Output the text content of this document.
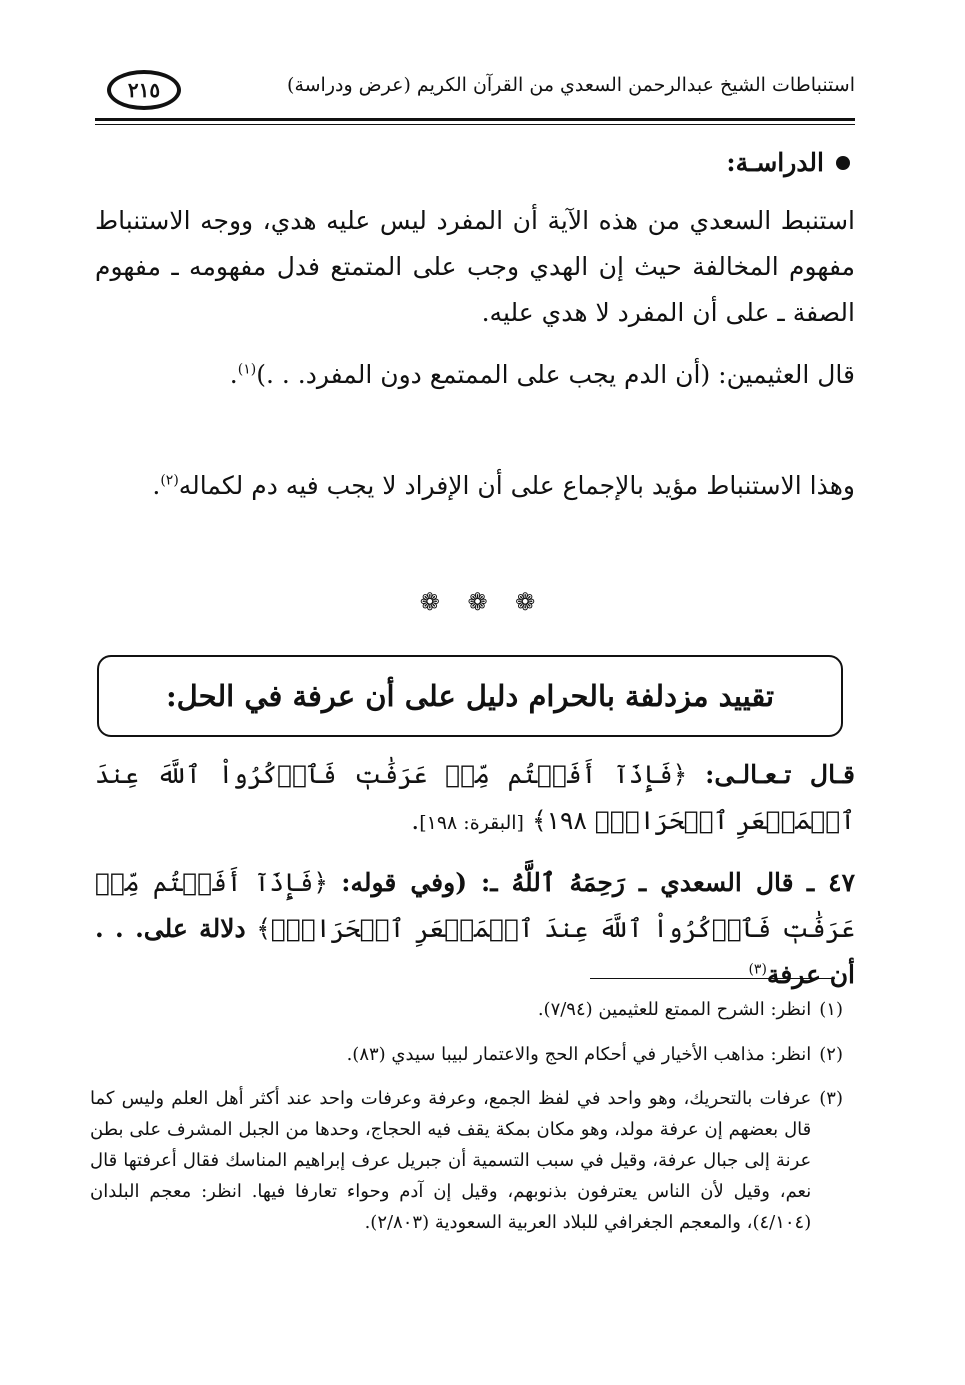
استنباطات الشيخ عبدالرحمن السعدي من القرآن الكريم (عرض ودراسة)
٢١٥
الدراسـة:
استنبط السعدي من هذه الآية أن المفرد ليس عليه هدي، ووجه الاستنباط مفهوم المخالفة حيث إن الهدي وجب على المتمتع فدل مفهومه ـ مفهوم الصفة ـ على أن المفرد لا هدي عليه.
قال العثيمين: (أن الدم يجب على الممتمع دون المفرد. . .)$^{(١)}$.
وهذا الاستنباط مؤيد بالإجماع على أن الإفراد لا يجب فيه دم لكماله$^{(٢)}$.
❁ ❁ ❁
تقييد مزدلفة بالحرام دليل على أن عرفة في الحل:
قـال تـعـالـى: ﴿فَإِذَآ أَفَضۡتُم مِّنۡ عَرَفَٰتٖ فَٱذۡكُرُواْ ٱللَّهَ عِندَ ٱلۡمَشۡعَرِ ٱلۡحَرَامِۖ ١٩٨﴾ [البقرة: ١٩٨].
٤٧ ـ قال السعدي ـ رَحِمَهُ ٱللَّهُ ـ: (وفي قوله: ﴿فَإِذَآ أَفَضۡتُم مِّنۡ عَرَفَٰتٖ فَٱذۡكُرُواْ ٱللَّهَ عِندَ ٱلۡمَشۡعَرِ ٱلۡحَرَامِۖ﴾ دلالة على. . . أن عرفة$^{(٣)}$
(١)
انظر: الشرح الممتع للعثيمين (٧/٩٤).
(٢)
انظر: مذاهب الأخيار في أحكام الحج والاعتمار لبيبا سيدي (٨٣).
(٣)
عرفات بالتحريك، وهو واحد في لفظ الجمع، وعرفة وعرفات واحد عند أكثر أهل العلم وليس كما قال بعضهم إن عرفة مولد، وهو مكان بمكة يقف فيه الحجاج، وحدها من الجبل المشرف على بطن عرنة إلى جبال عرفة، وقيل في سبب التسمية أن جبريل عرف إبراهيم المناسك فقال أعرفتها قال نعم، وقيل لأن الناس يعترفون بذنوبهم، وقيل إن آدم وحواء تعارفا فيها. انظر: معجم البلدان (٤/١٠٤)، والمعجم الجغرافي للبلاد العربية السعودية (٢/٨٠٣).
